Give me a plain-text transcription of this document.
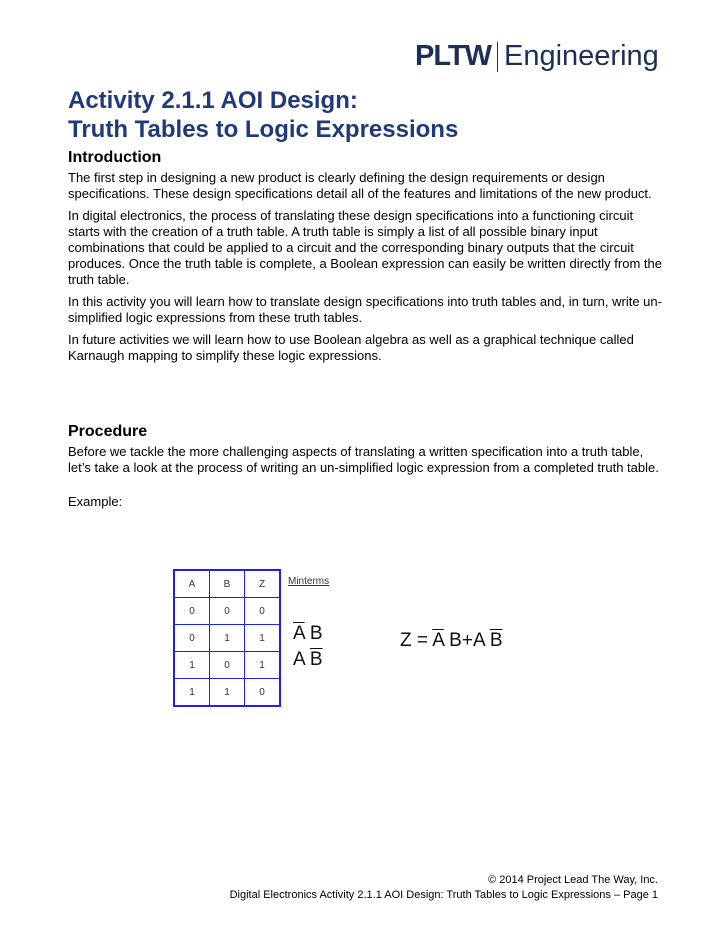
PLTW Engineering
Activity 2.1.1 AOI Design:
Truth Tables to Logic Expressions
Introduction

The first step in designing a new product is clearly defining the design requirements or design specifications. These design specifications detail all of the features and limitations of the new product.

In digital electronics, the process of translating these design specifications into a functioning circuit starts with the creation of a truth table. A truth table is simply a list of all possible binary input combinations that could be applied to a circuit and the corresponding binary outputs that the circuit produces. Once the truth table is complete, a Boolean expression can easily be written directly from the truth table.

In this activity you will learn how to translate design specifications into truth tables and, in turn, write un-simplified logic expressions from these truth tables.

In future activities we will learn how to use Boolean algebra as well as a graphical technique called Karnaugh mapping to simplify these logic expressions.

Procedure

Before we tackle the more challenging aspects of translating a written specification into a truth table, let’s take a look at the process of writing an un-simplified logic expression from a completed truth table.

Example:

A	B	Z
0	0	0
0	1	1
1	0	1
1	1	0
Minterms
$\overline{A}$ B
A $\overline{B}$
$Z = \overline{A}$ B+A $\overline{B}$
© 2014 Project Lead The Way, Inc.
Digital Electronics Activity 2.1.1 AOI Design: Truth Tables to Logic Expressions – Page 1
